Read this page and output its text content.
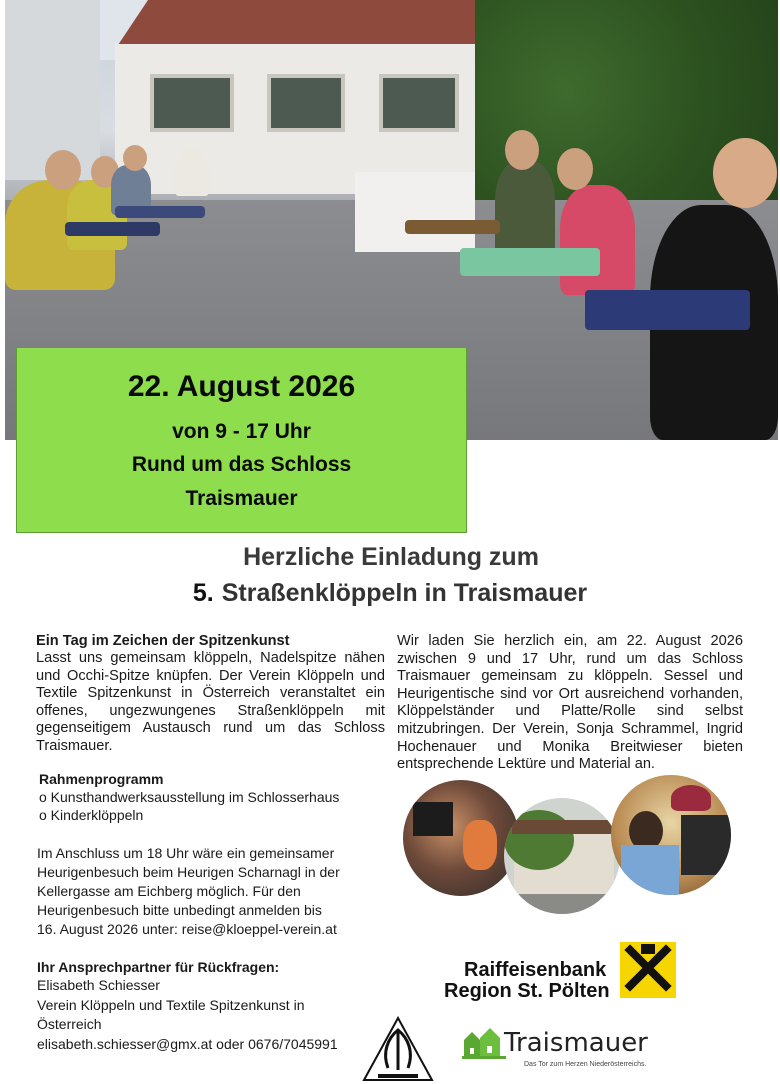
22. August 2026
von 9 - 17 Uhr
Rund um das Schloss
Traismauer
Herzliche Einladung zum
5. Straßenklöppeln in Traismauer
Ein Tag im Zeichen der Spitzenkunst
Lasst uns gemeinsam klöppeln, Nadelspitze nähen und Occhi-Spitze knüpfen. Der Verein Klöppeln und Textile Spitzenkunst in Österreich veranstaltet ein offenes, ungezwungenes Straßenklöppeln mit gegenseitigem Austausch rund um das Schloss Traismauer.
Wir laden Sie herzlich ein, am 22. August 2026 zwischen 9 und 17 Uhr, rund um das Schloss Traismauer gemeinsam zu klöppeln. Sessel und Heurigentische sind vor Ort ausreichend vorhanden, Klöppelständer und Platte/Rolle sind selbst mitzubringen. Der Verein, Sonja Schrammel, Ingrid Hochenauer und Monika Breitwieser bieten entsprechende Lektüre und Material an.
Rahmenprogramm
o Kunsthandwerksausstellung im Schlosserhaus
o Kinderklöppeln
Im Anschluss um 18 Uhr wäre ein gemeinsamer
Heurigenbesuch beim Heurigen Scharnagl in der
Kellergasse am Eichberg möglich. Für den
Heurigenbesuch bitte unbedingt anmelden bis
16. August 2026 unter: reise@kloeppel-verein.at
Ihr Ansprechpartner für Rückfragen:
Elisabeth Schiesser
Verein Klöppeln und Textile Spitzenkunst in
Österreich
elisabeth.schiesser@gmx.at oder 0676/7045991
Raiffeisenbank
Region St. Pölten
Traismauer
Das Tor zum Herzen Niederösterreichs.
